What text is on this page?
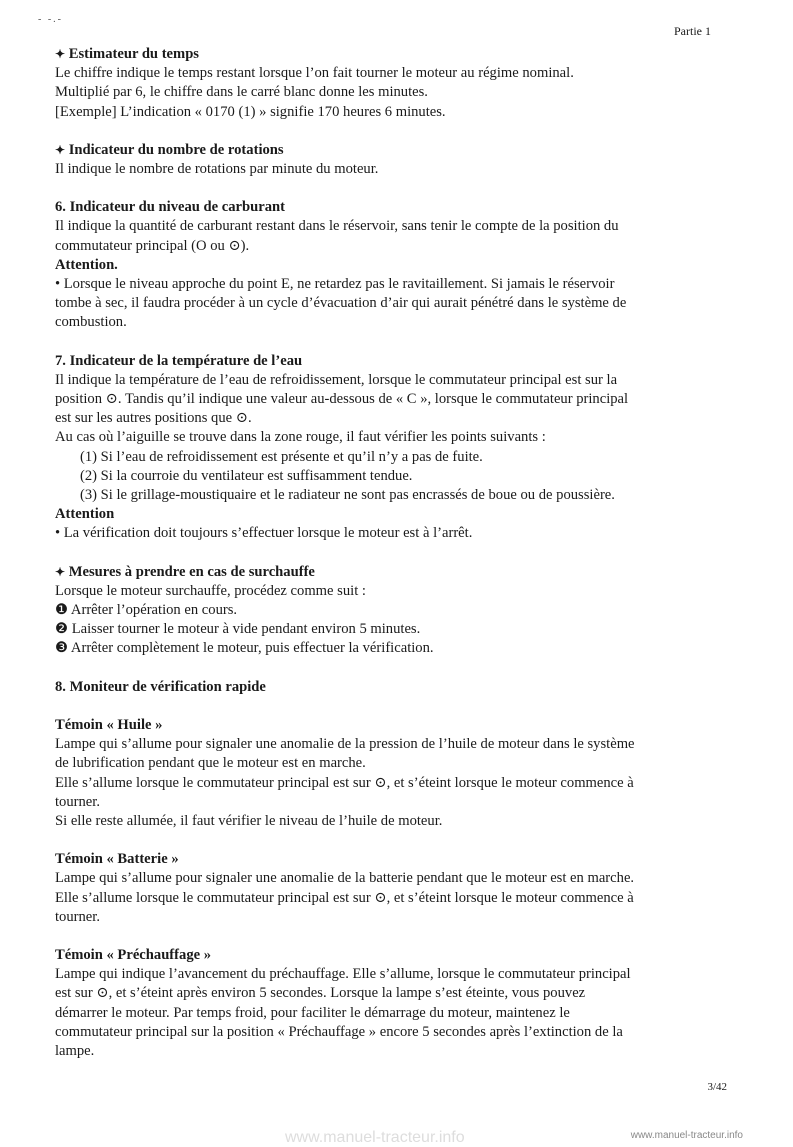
- -.-
Partie 1
✦ Estimateur du temps
Le chiffre indique le temps restant lorsque l’on fait tourner le moteur au régime nominal.
Multiplié par 6, le chiffre dans le carré blanc donne les minutes.
[Exemple] L’indication « 0170 (1) » signifie 170 heures 6 minutes.
✦ Indicateur du nombre de rotations
Il indique le nombre de rotations par minute du moteur.
6. Indicateur du niveau de carburant
Il indique la quantité de carburant restant dans le réservoir, sans tenir le compte de la position du
commutateur principal (O ou ⊙).
Attention.
• Lorsque le niveau approche du point E, ne retardez pas le ravitaillement. Si jamais le réservoir
tombe à sec, il faudra procéder à un cycle d’évacuation d’air qui aurait pénétré dans le système de
combustion.
7. Indicateur de la température de l’eau
Il indique la température de l’eau de refroidissement, lorsque le commutateur principal est sur la
position ⊙. Tandis qu’il indique une valeur au-dessous de « C », lorsque le commutateur principal
est sur les autres positions que ⊙.
Au cas où l’aiguille se trouve dans la zone rouge, il faut vérifier les points suivants :
(1) Si l’eau de refroidissement est présente et qu’il n’y a pas de fuite.
(2) Si la courroie du ventilateur est suffisamment tendue.
(3) Si le grillage-moustiquaire et le radiateur ne sont pas encrassés de boue ou de poussière.
Attention
• La vérification doit toujours s’effectuer lorsque le moteur est à l’arrêt.
✦ Mesures à prendre en cas de surchauffe
Lorsque le moteur surchauffe, procédez comme suit :
❶ Arrêter l’opération en cours.
❷ Laisser tourner le moteur à vide pendant environ 5 minutes.
❸ Arrêter complètement le moteur, puis effectuer la vérification.
8. Moniteur de vérification rapide
Témoin « Huile »
Lampe qui s’allume pour signaler une anomalie de la pression de l’huile de moteur dans le système
de lubrification pendant que le moteur est en marche.
Elle s’allume lorsque le commutateur principal est sur ⊙, et s’éteint lorsque le moteur commence à
tourner.
Si elle reste allumée, il faut vérifier le niveau de l’huile de moteur.
Témoin « Batterie »
Lampe qui s’allume pour signaler une anomalie de la batterie pendant que le moteur est en marche.
Elle s’allume lorsque le commutateur principal est sur ⊙, et s’éteint lorsque le moteur commence à
tourner.
Témoin « Préchauffage »
Lampe qui indique l’avancement du préchauffage. Elle s’allume, lorsque le commutateur principal
est sur ⊙, et s’éteint après environ 5 secondes. Lorsque la lampe s’est éteinte, vous pouvez
démarrer le moteur. Par temps froid, pour faciliter le démarrage du moteur, maintenez le
commutateur principal sur la position « Préchauffage » encore 5 secondes après l’extinction de la
lampe.
3/42
www.manuel-tracteur.info	www.manuel-tracteur.info
